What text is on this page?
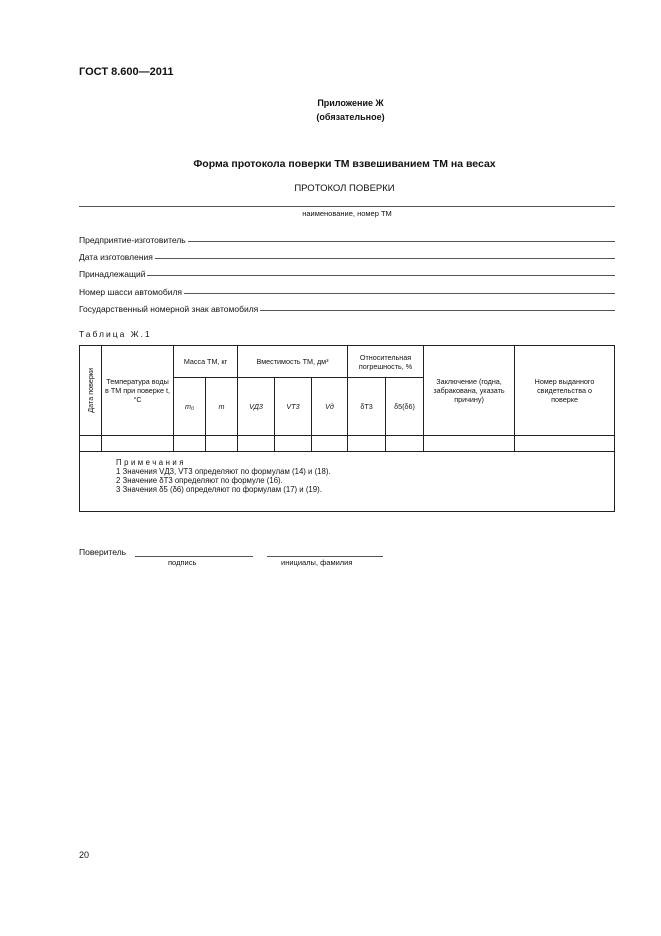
ГОСТ 8.600—2011
Приложение Ж
(обязательное)
Форма протокола поверки ТМ взвешиванием ТМ на весах
ПРОТОКОЛ ПОВЕРКИ
наименование, номер ТМ
Предприятие-изготовитель
Дата изготовления
Принадлежащий
Номер шасси автомобиля
Государственный номерной знак автомобиля
Таблица Ж.1
Дата поверки	Температура воды в ТМ при поверке t, °С	Масса ТМ, кг		Вместимость ТМ, дм³			Относительная погрешность, %		Заключение (годна, забракована, указать причину)	Номер выданного свидетельства о поверке
		m₀	m	VД3	VТ3	Vд	δТ3	δ5(δ6)		

Примечания
1 Значения VД3, VТ3 определяют по формулам (14) и (18).
2 Значение δТ3 определяют по формуле (16).
3 Значения δ5 (δ6) определяют по формулам (17) и (19).										
Поверитель
подпись	инициалы, фамилия
20
